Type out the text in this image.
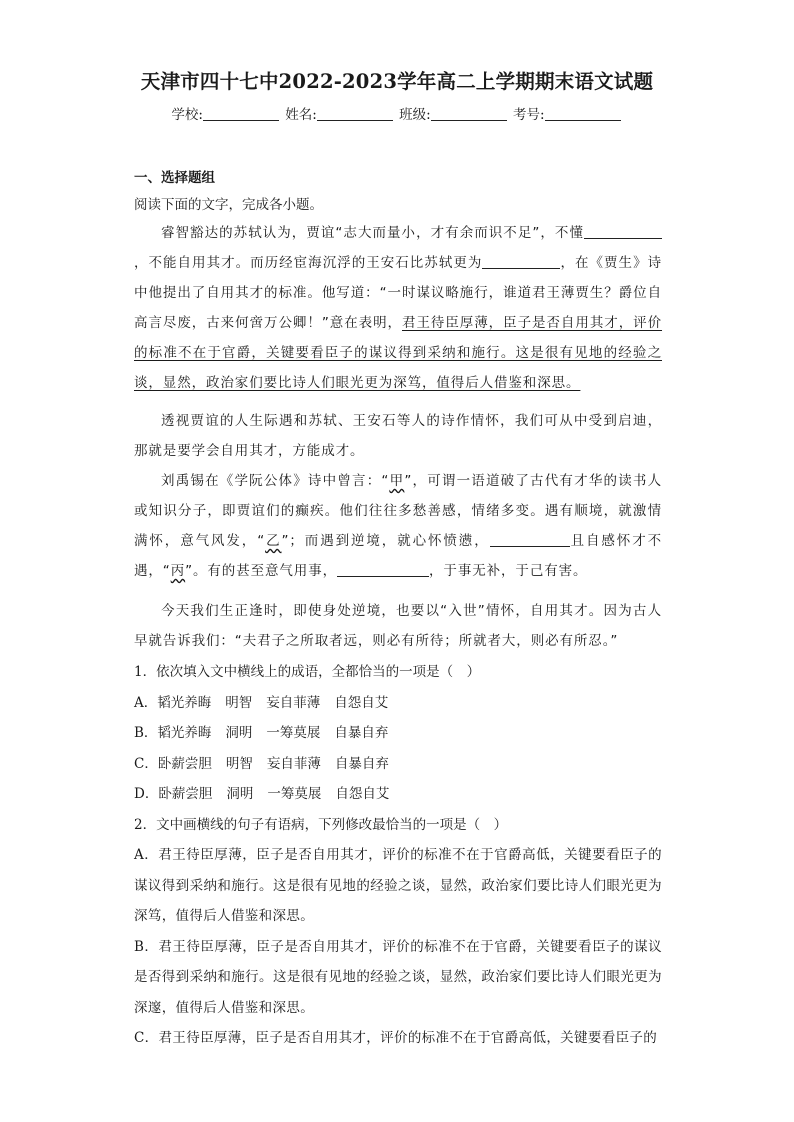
天津市四十七中2022-2023学年高二上学期期末语文试题
学校:	姓名:	班级:	考号:
一、选择题组
阅读下面的文字，完成各小题。

睿智豁达的苏轼认为，贾谊“志大而量小，才有余而识不足”，不懂，不能自用其才。而历经宦海沉浮的王安石比苏轼更为	，在《贾生》诗中他提出了自用其才的标准。他写道：“一时谋议略施行，谁道君王薄贾生？爵位自高言尽废，古来何啻万公卿！”意在表明，君王待臣厚薄，臣子是否自用其才，评价的标准不在于官爵，关键要看臣子的谋议得到采纳和施行。这是很有见地的经验之谈，显然，政治家们要比诗人们眼光更为深笃，值得后人借鉴和深思。

透视贾谊的人生际遇和苏轼、王安石等人的诗作情怀，我们可从中受到启迪，那就是要学会自用其才，方能成才。

刘禹锡在《学阮公体》诗中曾言：“甲”，可谓一语道破了古代有才华的读书人或知识分子，即贾谊们的癫疾。他们往往多愁善感，情绪多变。遇有顺境，就激情满怀，意气风发，“乙”；而遇到逆境，就心怀愤懑，	且自感怀才不遇，“丙”。有的甚至意气用事，	，于事无补，于己有害。

今天我们生正逢时，即使身处逆境，也要以“入世”情怀，自用其才。因为古人早就告诉我们：“夫君子之所取者远，则必有所待；所就者大，则必有所忍。”

1．依次填入文中横线上的成语，全都恰当的一项是（　）

A．韬光养晦 明智 妄自菲薄 自怨自艾

B．韬光养晦 洞明 一筹莫展 自暴自弃

C．卧薪尝胆 明智 妄自菲薄 自暴自弃

D．卧薪尝胆 洞明 一筹莫展 自怨自艾

2．文中画横线的句子有语病，下列修改最恰当的一项是（　）

A．君王待臣厚薄，臣子是否自用其才，评价的标准不在于官爵高低，关键要看臣子的谋议得到采纳和施行。这是很有见地的经验之谈，显然，政治家们要比诗人们眼光更为深笃，值得后人借鉴和深思。

B．君王待臣厚薄，臣子是否自用其才，评价的标准不在于官爵，关键要看臣子的谋议是否得到采纳和施行。这是很有见地的经验之谈，显然，政治家们要比诗人们眼光更为深邃，值得后人借鉴和深思。

C．君王待臣厚薄，臣子是否自用其才，评价的标准不在于官爵高低，关键要看臣子的
